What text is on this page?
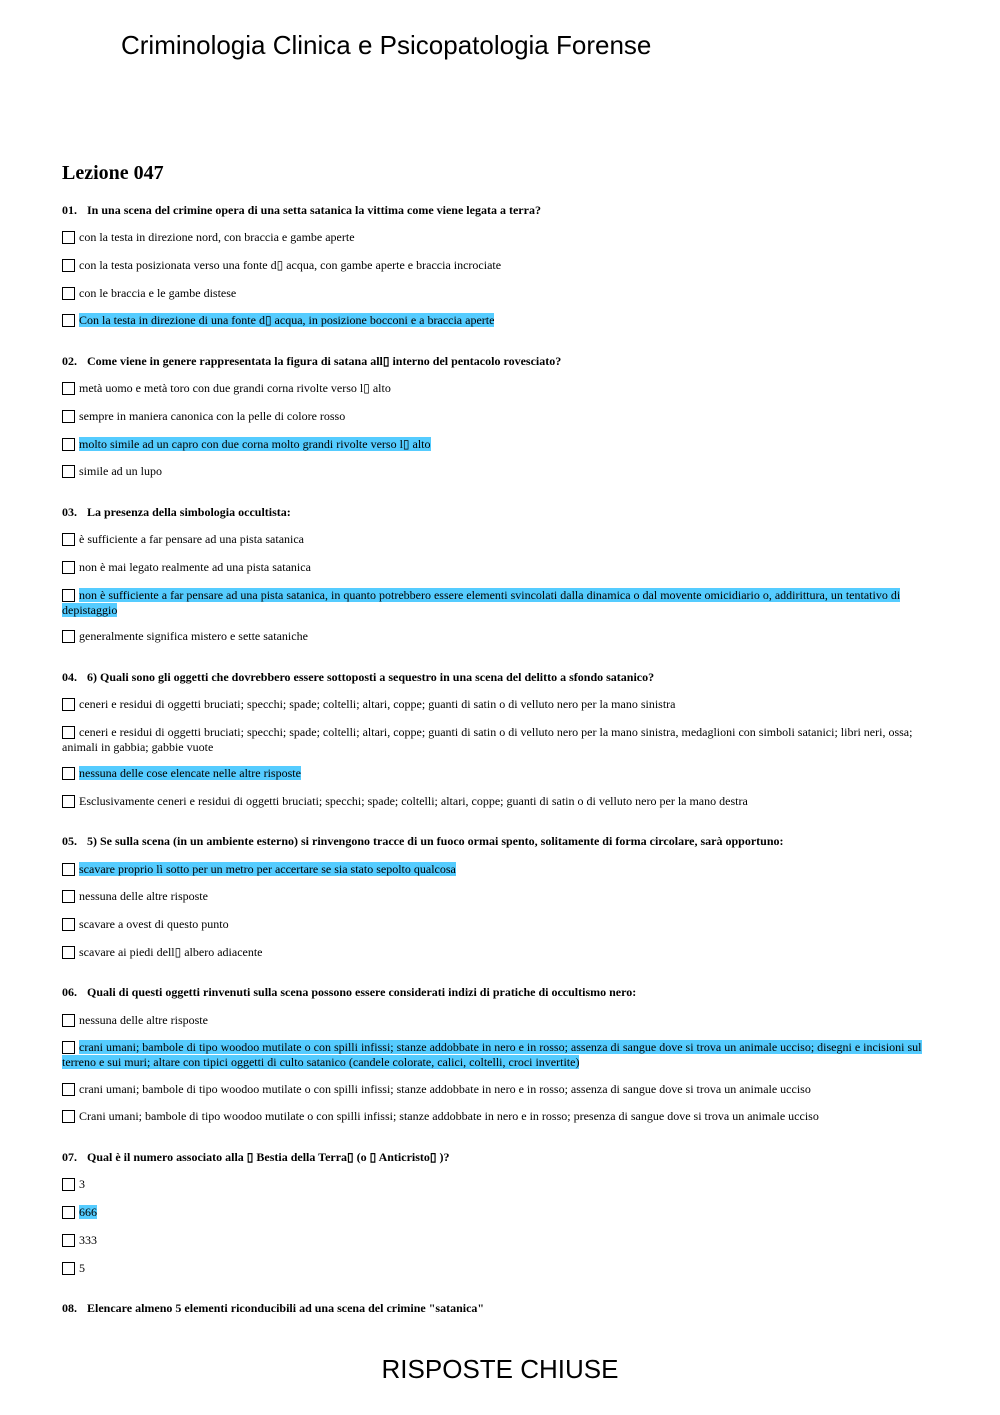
Criminologia Clinica e Psicopatologia Forense
Lezione 047
01. In una scena del crimine opera di una setta satanica la vittima come viene legata a terra?
con la testa in direzione nord, con braccia e gambe aperte
con la testa posizionata verso una fonte d▯ acqua, con gambe aperte e braccia incrociate
con le braccia e le gambe distese
Con la testa in direzione di una fonte d▯ acqua, in posizione bocconi e a braccia aperte
02. Come viene in genere rappresentata la figura di satana all▯ interno del pentacolo rovesciato?
metà uomo e metà toro con due grandi corna rivolte verso l▯ alto
sempre in maniera canonica con la pelle di colore rosso
molto simile ad un capro con due corna molto grandi rivolte verso l▯ alto
simile ad un lupo
03. La presenza della simbologia occultista:
è sufficiente a far pensare ad una pista satanica
non è mai legato realmente ad una pista satanica
non è sufficiente a far pensare ad una pista satanica, in quanto potrebbero essere elementi svincolati dalla dinamica o dal movente omicidiario o, addirittura, un tentativo di depistaggio
generalmente significa mistero e sette sataniche
04. 6) Quali sono gli oggetti che dovrebbero essere sottoposti a sequestro in una scena del delitto a sfondo satanico?
ceneri e residui di oggetti bruciati; specchi; spade; coltelli; altari, coppe; guanti di satin o di velluto nero per la mano sinistra
ceneri e residui di oggetti bruciati; specchi; spade; coltelli; altari, coppe; guanti di satin o di velluto nero per la mano sinistra, medaglioni con simboli satanici; libri neri, ossa; animali in gabbia; gabbie vuote
nessuna delle cose elencate nelle altre risposte
Esclusivamente ceneri e residui di oggetti bruciati; specchi; spade; coltelli; altari, coppe; guanti di satin o di velluto nero per la mano destra
05. 5) Se sulla scena (in un ambiente esterno) si rinvengono tracce di un fuoco ormai spento, solitamente di forma circolare, sarà opportuno:
scavare proprio lì sotto per un metro per accertare se sia stato sepolto qualcosa
nessuna delle altre risposte
scavare a ovest di questo punto
scavare ai piedi dell▯ albero adiacente
06. Quali di questi oggetti rinvenuti sulla scena possono essere considerati indizi di pratiche di occultismo nero:
nessuna delle altre risposte
crani umani; bambole di tipo woodoo mutilate o con spilli infissi; stanze addobbate in nero e in rosso; assenza di sangue dove si trova un animale ucciso; disegni e incisioni sul terreno e sui muri; altare con tipici oggetti di culto satanico (candele colorate, calici, coltelli, croci invertite)
crani umani; bambole di tipo woodoo mutilate o con spilli infissi; stanze addobbate in nero e in rosso; assenza di sangue dove si trova un animale ucciso
Crani umani; bambole di tipo woodoo mutilate o con spilli infissi; stanze addobbate in nero e in rosso; presenza di sangue dove si trova un animale ucciso
07. Qual è il numero associato alla ▯ Bestia della Terra▯ (o ▯ Anticristo▯ )?
3
666
333
5
08. Elencare almeno 5 elementi riconducibili ad una scena del crimine "satanica"
RISPOSTE CHIUSE
